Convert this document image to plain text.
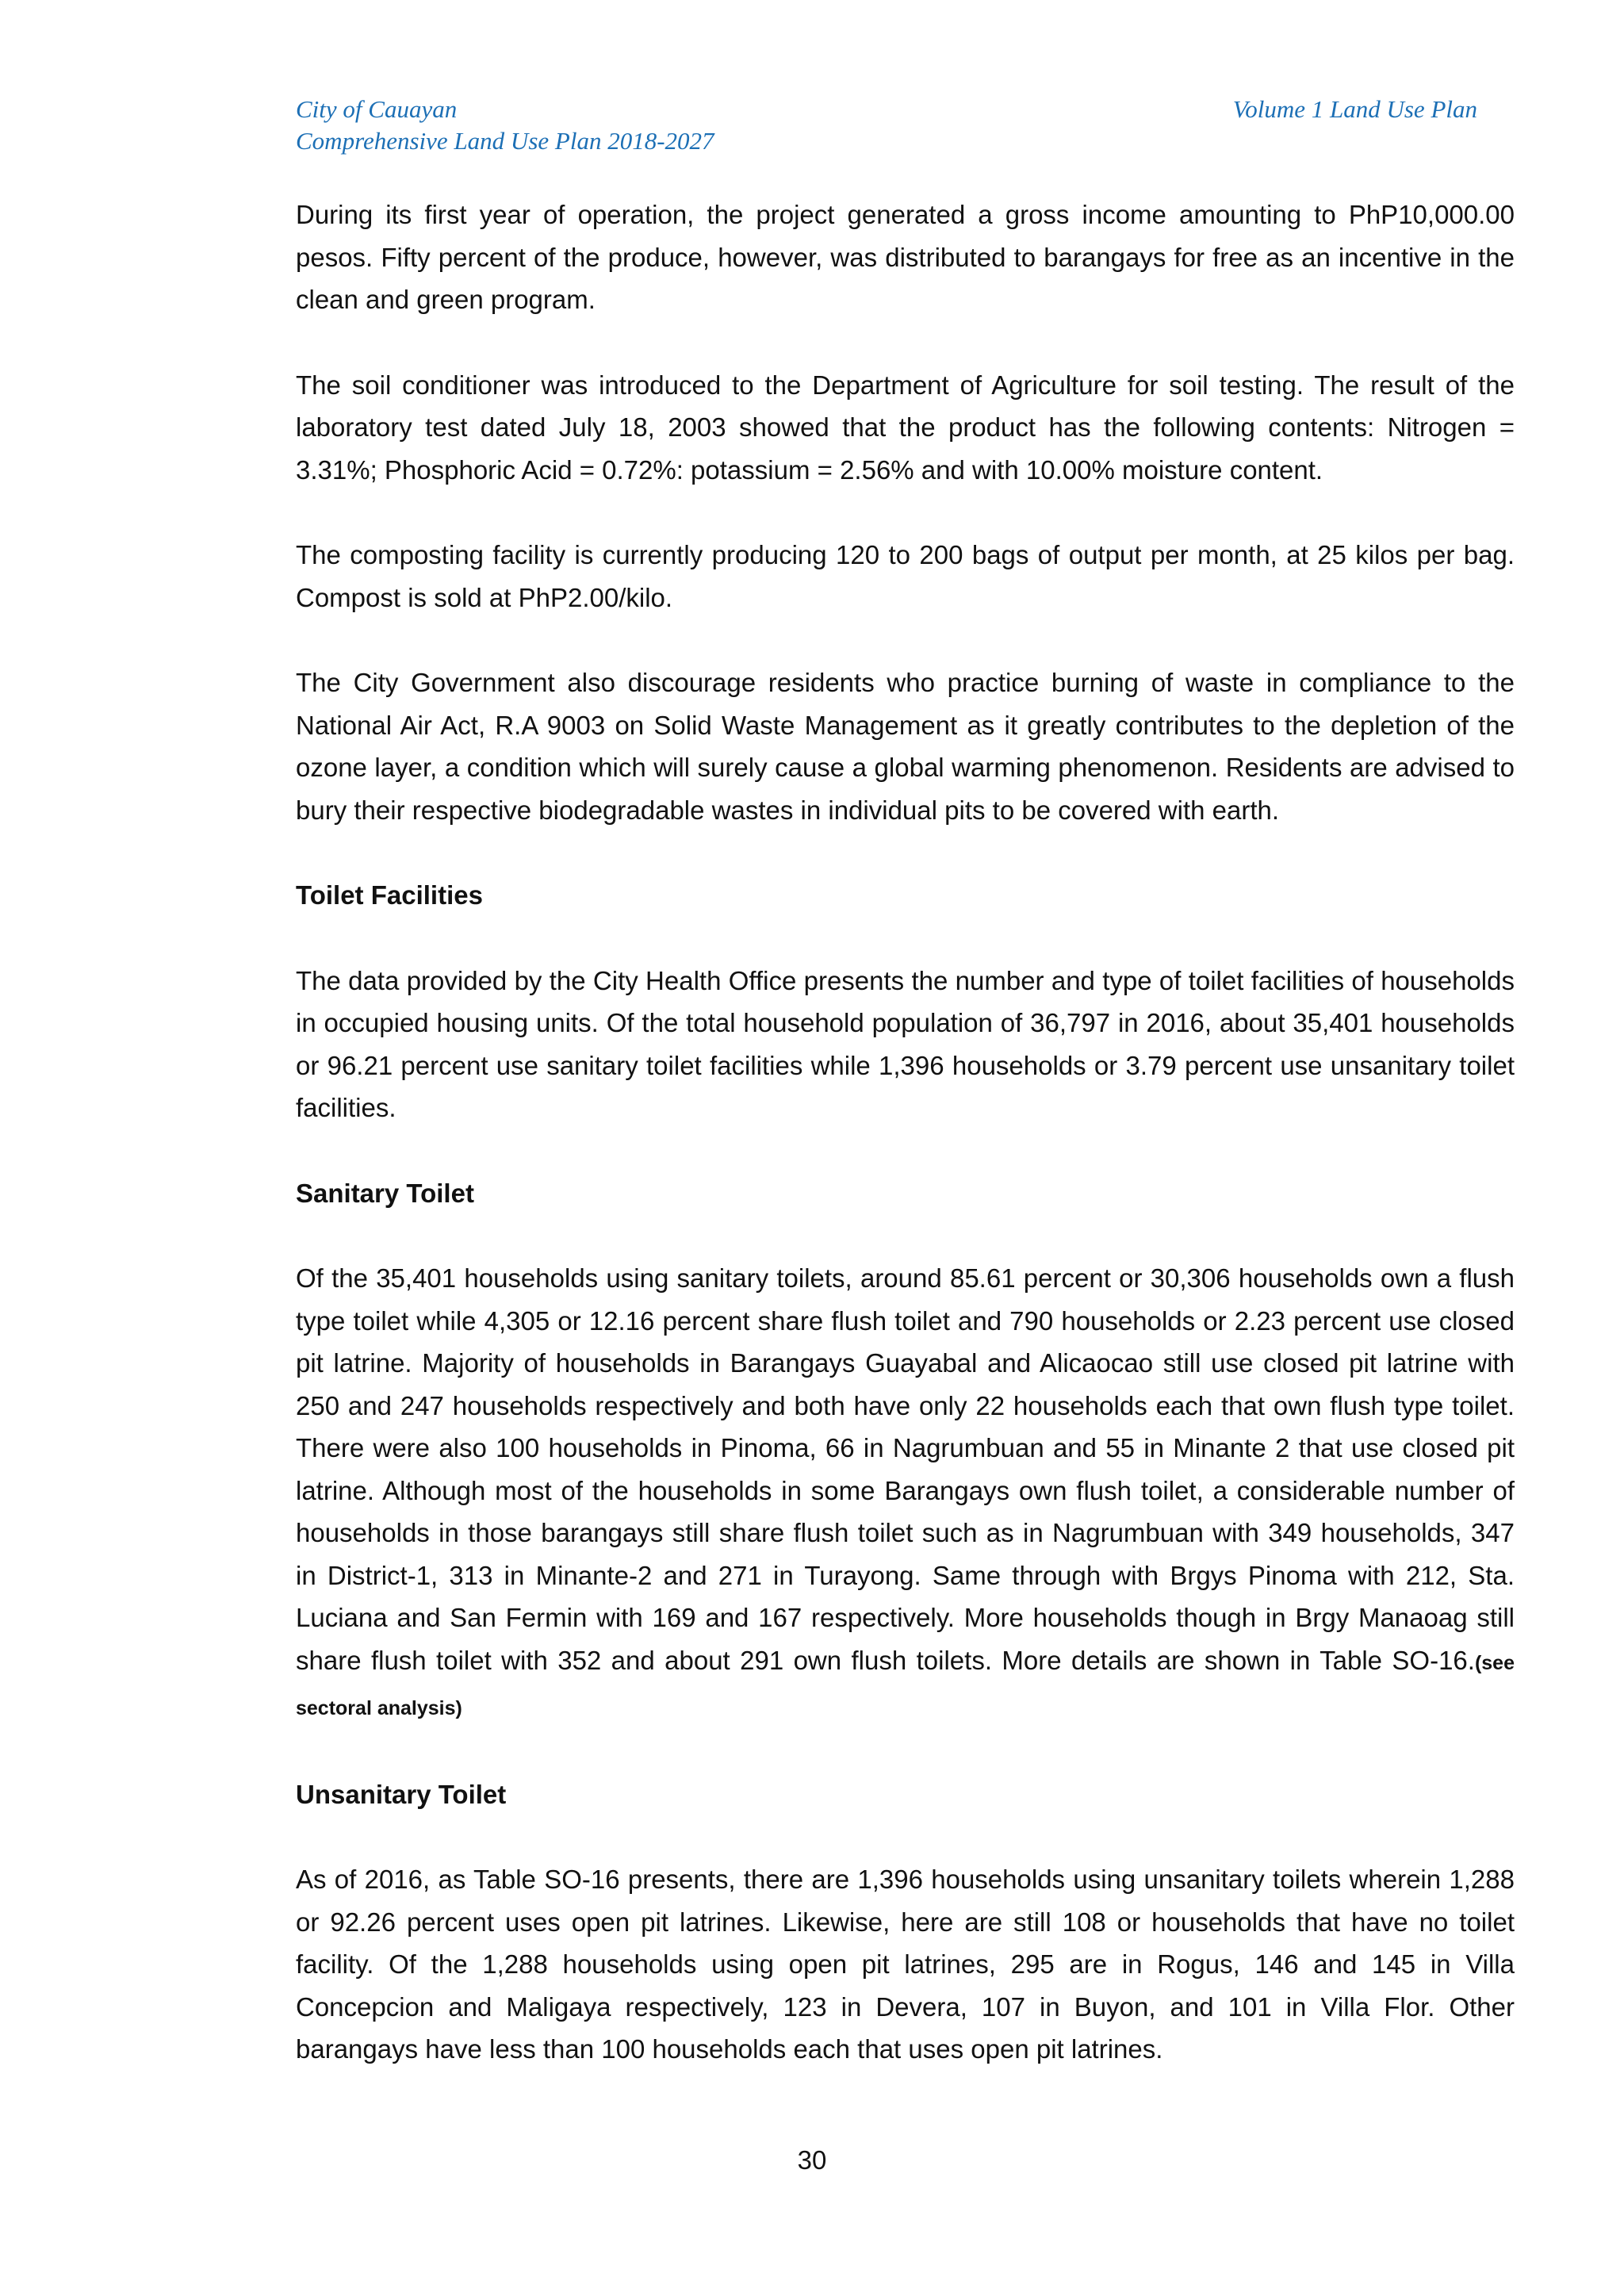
City of Cauayan
Comprehensive Land Use Plan 2018-2027
Volume 1 Land Use Plan

During its first year of operation, the project generated a gross income amounting to PhP10,000.00 pesos. Fifty percent of the produce, however, was distributed to barangays for free as an incentive in the clean and green program.

The soil conditioner was introduced to the Department of Agriculture for soil testing. The result of the laboratory test dated July 18, 2003 showed that the product has the following contents: Nitrogen = 3.31%; Phosphoric Acid = 0.72%: potassium = 2.56% and with 10.00% moisture content.

The composting facility is currently producing 120 to 200 bags of output per month, at 25 kilos per bag. Compost is sold at PhP2.00/kilo.

The City Government also discourage residents who practice burning of waste in compliance to the National Air Act, R.A 9003 on Solid Waste Management as it greatly contributes to the depletion of the ozone layer, a condition which will surely cause a global warming phenomenon. Residents are advised to bury their respective biodegradable wastes in individual pits to be covered with earth.

Toilet Facilities

The data provided by the City Health Office presents the number and type of toilet facilities of households in occupied housing units. Of the total household population of 36,797 in 2016, about 35,401 households or 96.21 percent use sanitary toilet facilities while 1,396 households or 3.79 percent use unsanitary toilet facilities.

Sanitary Toilet

Of the 35,401 households using sanitary toilets, around 85.61 percent or 30,306 households own a flush type toilet while 4,305 or 12.16 percent share flush toilet and 790 households or 2.23 percent use closed pit latrine. Majority of households in Barangays Guayabal and Alicaocao still use closed pit latrine with 250 and 247 households respectively and both have only 22 households each that own flush type toilet. There were also 100 households in Pinoma, 66 in Nagrumbuan and 55 in Minante 2 that use closed pit latrine. Although most of the households in some Barangays own flush toilet, a considerable number of households in those barangays still share flush toilet such as in Nagrumbuan with 349 households, 347 in District-1, 313 in Minante-2 and 271 in Turayong. Same through with Brgys Pinoma with 212, Sta. Luciana and San Fermin with 169 and 167 respectively. More households though in Brgy Manaoag still share flush toilet with 352 and about 291 own flush toilets. More details are shown in Table SO-16.(see sectoral analysis)

Unsanitary Toilet

As of 2016, as Table SO-16 presents, there are 1,396 households using unsanitary toilets wherein 1,288 or 92.26 percent uses open pit latrines. Likewise, here are still 108 or households that have no toilet facility. Of the 1,288 households using open pit latrines, 295 are in Rogus, 146 and 145 in Villa Concepcion and Maligaya respectively, 123 in Devera, 107 in Buyon, and 101 in Villa Flor. Other barangays have less than 100 households each that uses open pit latrines.

30
